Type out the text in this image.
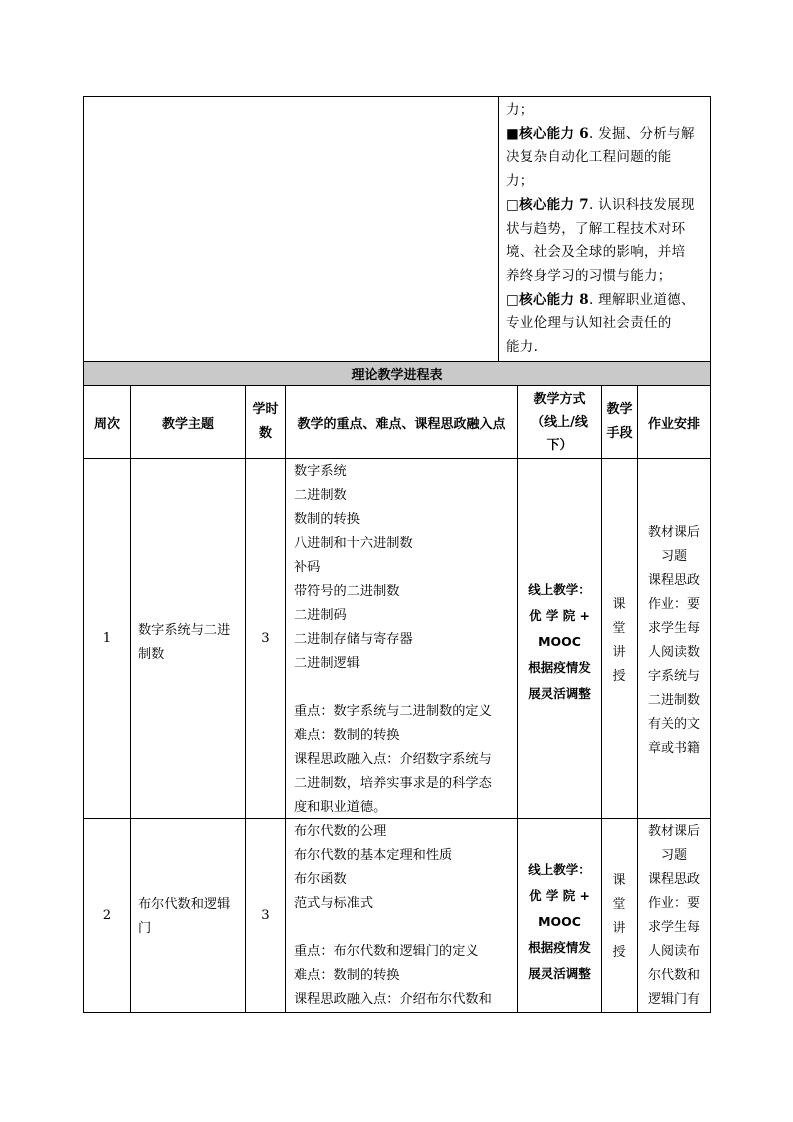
理论教学进程表
力；
■核心能力 6. 发掘、分析与解
决复杂自动化工程问题的能
力；
□核心能力 7. 认识科技发展现
状与趋势，了解工程技术对环
境、社会及全球的影响，并培
养终身学习的习惯与能力；
□核心能力 8. 理解职业道德、
专业伦理与认知社会责任的
能力.
周次	教学主题
学时
数
教学的重点、难点、课程思政融入点
教学方式
（线上/线
下）
教学
手段
作业安排
1 数字系统与二进
制数
3
数字系统
二进制数
数制的转换
八进制和十六进制数
补码
带符号的二进制数
二进制码
二进制存储与寄存器
二进制逻辑
重点：数字系统与二进制数的定义
难点：数制的转换
课程思政融入点：介绍数字系统与
二进制数，培养实事求是的科学态
度和职业道德。
线上教学：
优 学 院 +
MOOC
根据疫情发
展灵活调整
课
堂
讲
授
教材课后
习题
课程思政
作业：要
求学生每
人阅读数
字系统与
二进制数
有关的文
章或书籍
2
布尔代数和逻辑
门
3
布尔代数的公理
布尔代数的基本定理和性质
布尔函数
范式与标准式
重点：布尔代数和逻辑门的定义
难点：数制的转换
课程思政融入点：介绍布尔代数和
线上教学：
优 学 院 +
MOOC
根据疫情发
展灵活调整
课
堂
讲
授
教材课后
习题
课程思政
作业：要
求学生每
人阅读布
尔代数和
逻辑门有
